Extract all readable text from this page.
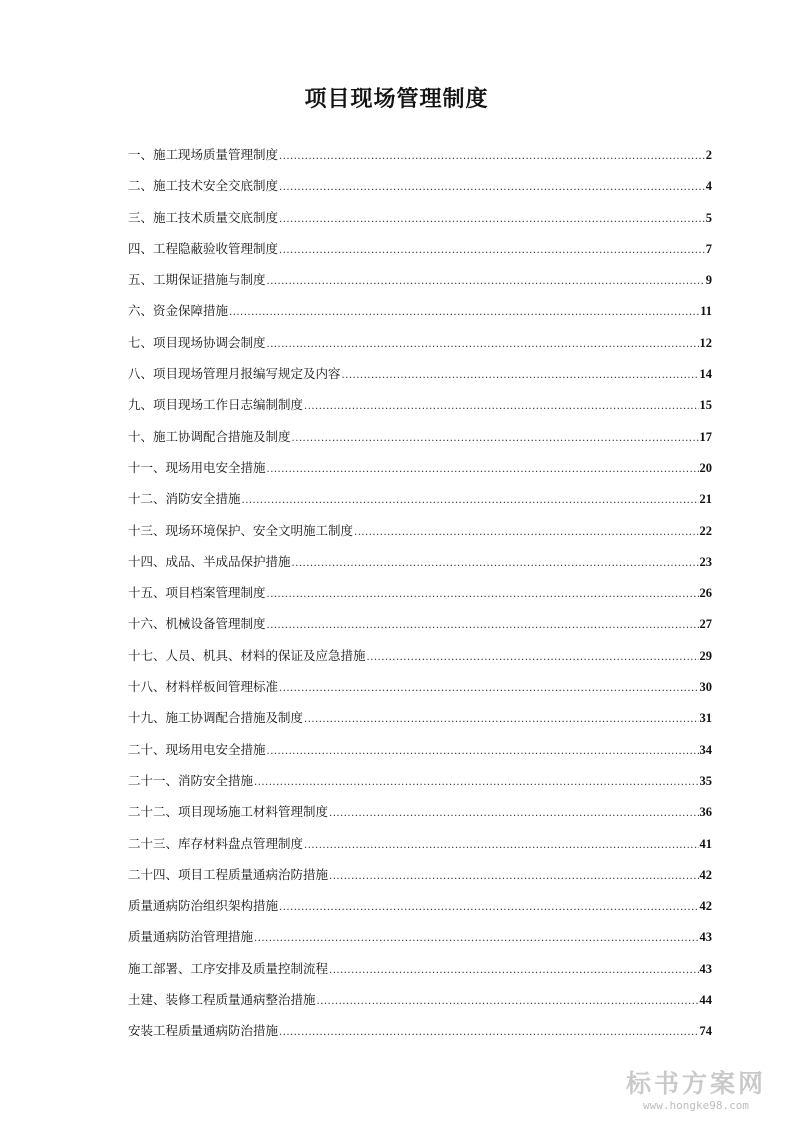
项目现场管理制度
一、施工现场质量管理制度 .....	2
二、施工技术安全交底制度 .....	4
三、施工技术质量交底制度 .....	5
四、工程隐蔽验收管理制度 .....	7
五、工期保证措施与制度 .....	9
六、资金保障措施 .....	11
七、项目现场协调会制度 .....	12
八、项目现场管理月报编写规定及内容 .....	14
九、项目现场工作日志编制制度 .....	15
十、施工协调配合措施及制度 .....	17
十一、现场用电安全措施 .....	20
十二、消防安全措施 .....	21
十三、现场环境保护、安全文明施工制度 .....	22
十四、成品、半成品保护措施 .....	23
十五、项目档案管理制度 .....	26
十六、机械设备管理制度 .....	27
十七、人员、机具、材料的保证及应急措施 .....	29
十八、材料样板间管理标准 .....	30
十九、施工协调配合措施及制度 .....	31
二十、现场用电安全措施 .....	34
二十一、消防安全措施 .....	35
二十二、项目现场施工材料管理制度 .....	36
二十三、库存材料盘点管理制度 .....	41
二十四、项目工程质量通病治防措施 .....	42
质量通病防治组织架构措施 .....	42
质量通病防治管理措施 .....	43
施工部署、工序安排及质量控制流程 .....	43
土建、装修工程质量通病整治措施 .....	44
安装工程质量通病防治措施 .....	74
标书方案网
www.hongke98.com
